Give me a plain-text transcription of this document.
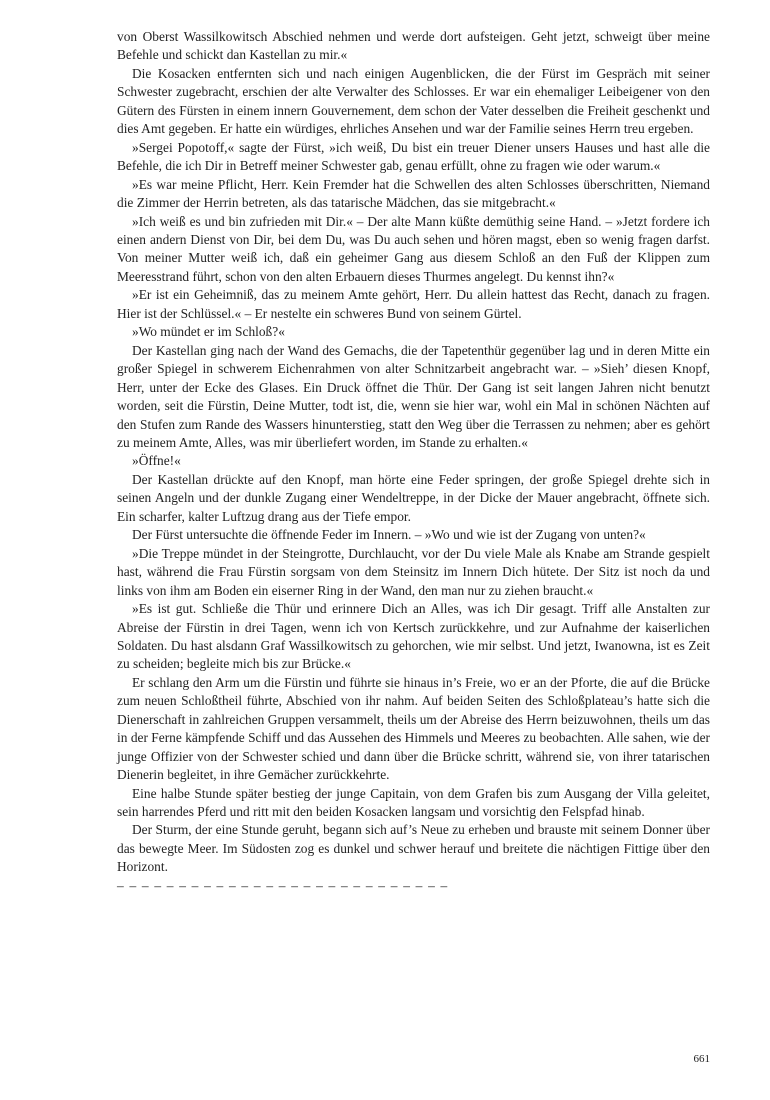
von Oberst Wassilkowitsch Abschied nehmen und werde dort aufsteigen. Geht jetzt, schweigt über meine Befehle und schickt dan Kastellan zu mir.«

Die Kosacken entfernten sich und nach einigen Augenblicken, die der Fürst im Gespräch mit seiner Schwester zugebracht, erschien der alte Verwalter des Schlosses. Er war ein ehemaliger Leibeigener von den Gütern des Fürsten in einem innern Gouvernement, dem schon der Vater desselben die Freiheit geschenkt und dies Amt gegeben. Er hatte ein würdiges, ehrliches Ansehen und war der Familie seines Herrn treu ergeben.

»Sergei Popotoff,« sagte der Fürst, »ich weiß, Du bist ein treuer Diener unsers Hauses und hast alle die Befehle, die ich Dir in Betreff meiner Schwester gab, genau erfüllt, ohne zu fragen wie oder warum.«

»Es war meine Pflicht, Herr. Kein Fremder hat die Schwellen des alten Schlosses überschritten, Niemand die Zimmer der Herrin betreten, als das tatarische Mädchen, das sie mitgebracht.«

»Ich weiß es und bin zufrieden mit Dir.« – Der alte Mann küßte demüthig seine Hand. – »Jetzt fordere ich einen andern Dienst von Dir, bei dem Du, was Du auch sehen und hören magst, eben so wenig fragen darfst. Von meiner Mutter weiß ich, daß ein geheimer Gang aus diesem Schloß an den Fuß der Klippen zum Meeresstrand führt, schon von den alten Erbauern dieses Thurmes angelegt. Du kennst ihn?«

»Er ist ein Geheimniß, das zu meinem Amte gehört, Herr. Du allein hattest das Recht, danach zu fragen. Hier ist der Schlüssel.« – Er nestelte ein schweres Bund von seinem Gürtel.

»Wo mündet er im Schloß?«

Der Kastellan ging nach der Wand des Gemachs, die der Tapetenthür gegenüber lag und in deren Mitte ein großer Spiegel in schwerem Eichenrahmen von alter Schnitzarbeit angebracht war. – »Sieh’ diesen Knopf, Herr, unter der Ecke des Glases. Ein Druck öffnet die Thür. Der Gang ist seit langen Jahren nicht benutzt worden, seit die Fürstin, Deine Mutter, todt ist, die, wenn sie hier war, wohl ein Mal in schönen Nächten auf den Stufen zum Rande des Wassers hinunterstieg, statt den Weg über die Terrassen zu nehmen; aber es gehört zu meinem Amte, Alles, was mir überliefert worden, im Stande zu erhalten.«

»Öffne!«

Der Kastellan drückte auf den Knopf, man hörte eine Feder springen, der große Spiegel drehte sich in seinen Angeln und der dunkle Zugang einer Wendeltreppe, in der Dicke der Mauer angebracht, öffnete sich. Ein scharfer, kalter Luftzug drang aus der Tiefe empor.

Der Fürst untersuchte die öffnende Feder im Innern. – »Wo und wie ist der Zugang von unten?«

»Die Treppe mündet in der Steingrotte, Durchlaucht, vor der Du viele Male als Knabe am Strande gespielt hast, während die Frau Fürstin sorgsam von dem Steinsitz im Innern Dich hütete. Der Sitz ist noch da und links von ihm am Boden ein eiserner Ring in der Wand, den man nur zu ziehen braucht.«

»Es ist gut. Schließe die Thür und erinnere Dich an Alles, was ich Dir gesagt. Triff alle Anstalten zur Abreise der Fürstin in drei Tagen, wenn ich von Kertsch zurückkehre, und zur Aufnahme der kaiserlichen Soldaten. Du hast alsdann Graf Wassilkowitsch zu gehorchen, wie mir selbst. Und jetzt, Iwanowna, ist es Zeit zu scheiden; begleite mich bis zur Brücke.«

Er schlang den Arm um die Fürstin und führte sie hinaus in’s Freie, wo er an der Pforte, die auf die Brücke zum neuen Schloßtheil führte, Abschied von ihr nahm. Auf beiden Seiten des Schloßplateau’s hatte sich die Dienerschaft in zahlreichen Gruppen versammelt, theils um der Abreise des Herrn beizuwohnen, theils um das in der Ferne kämpfende Schiff und das Aussehen des Himmels und Meeres zu beobachten. Alle sahen, wie der junge Offizier von der Schwester schied und dann über die Brücke schritt, während sie, von ihrer tatarischen Dienerin begleitet, in ihre Gemächer zurückkehrte.

Eine halbe Stunde später bestieg der junge Capitain, von dem Grafen bis zum Ausgang der Villa geleitet, sein harrendes Pferd und ritt mit den beiden Kosacken langsam und vorsichtig den Felspfad hinab.

Der Sturm, der eine Stunde geruht, begann sich auf’s Neue zu erheben und brauste mit seinem Donner über das bewegte Meer. Im Südosten zog es dunkel und schwer herauf und breitete die nächtigen Fittige über den Horizont.

– – – – – – – – – – – – – – – – – – – – – – – – – – –
661
